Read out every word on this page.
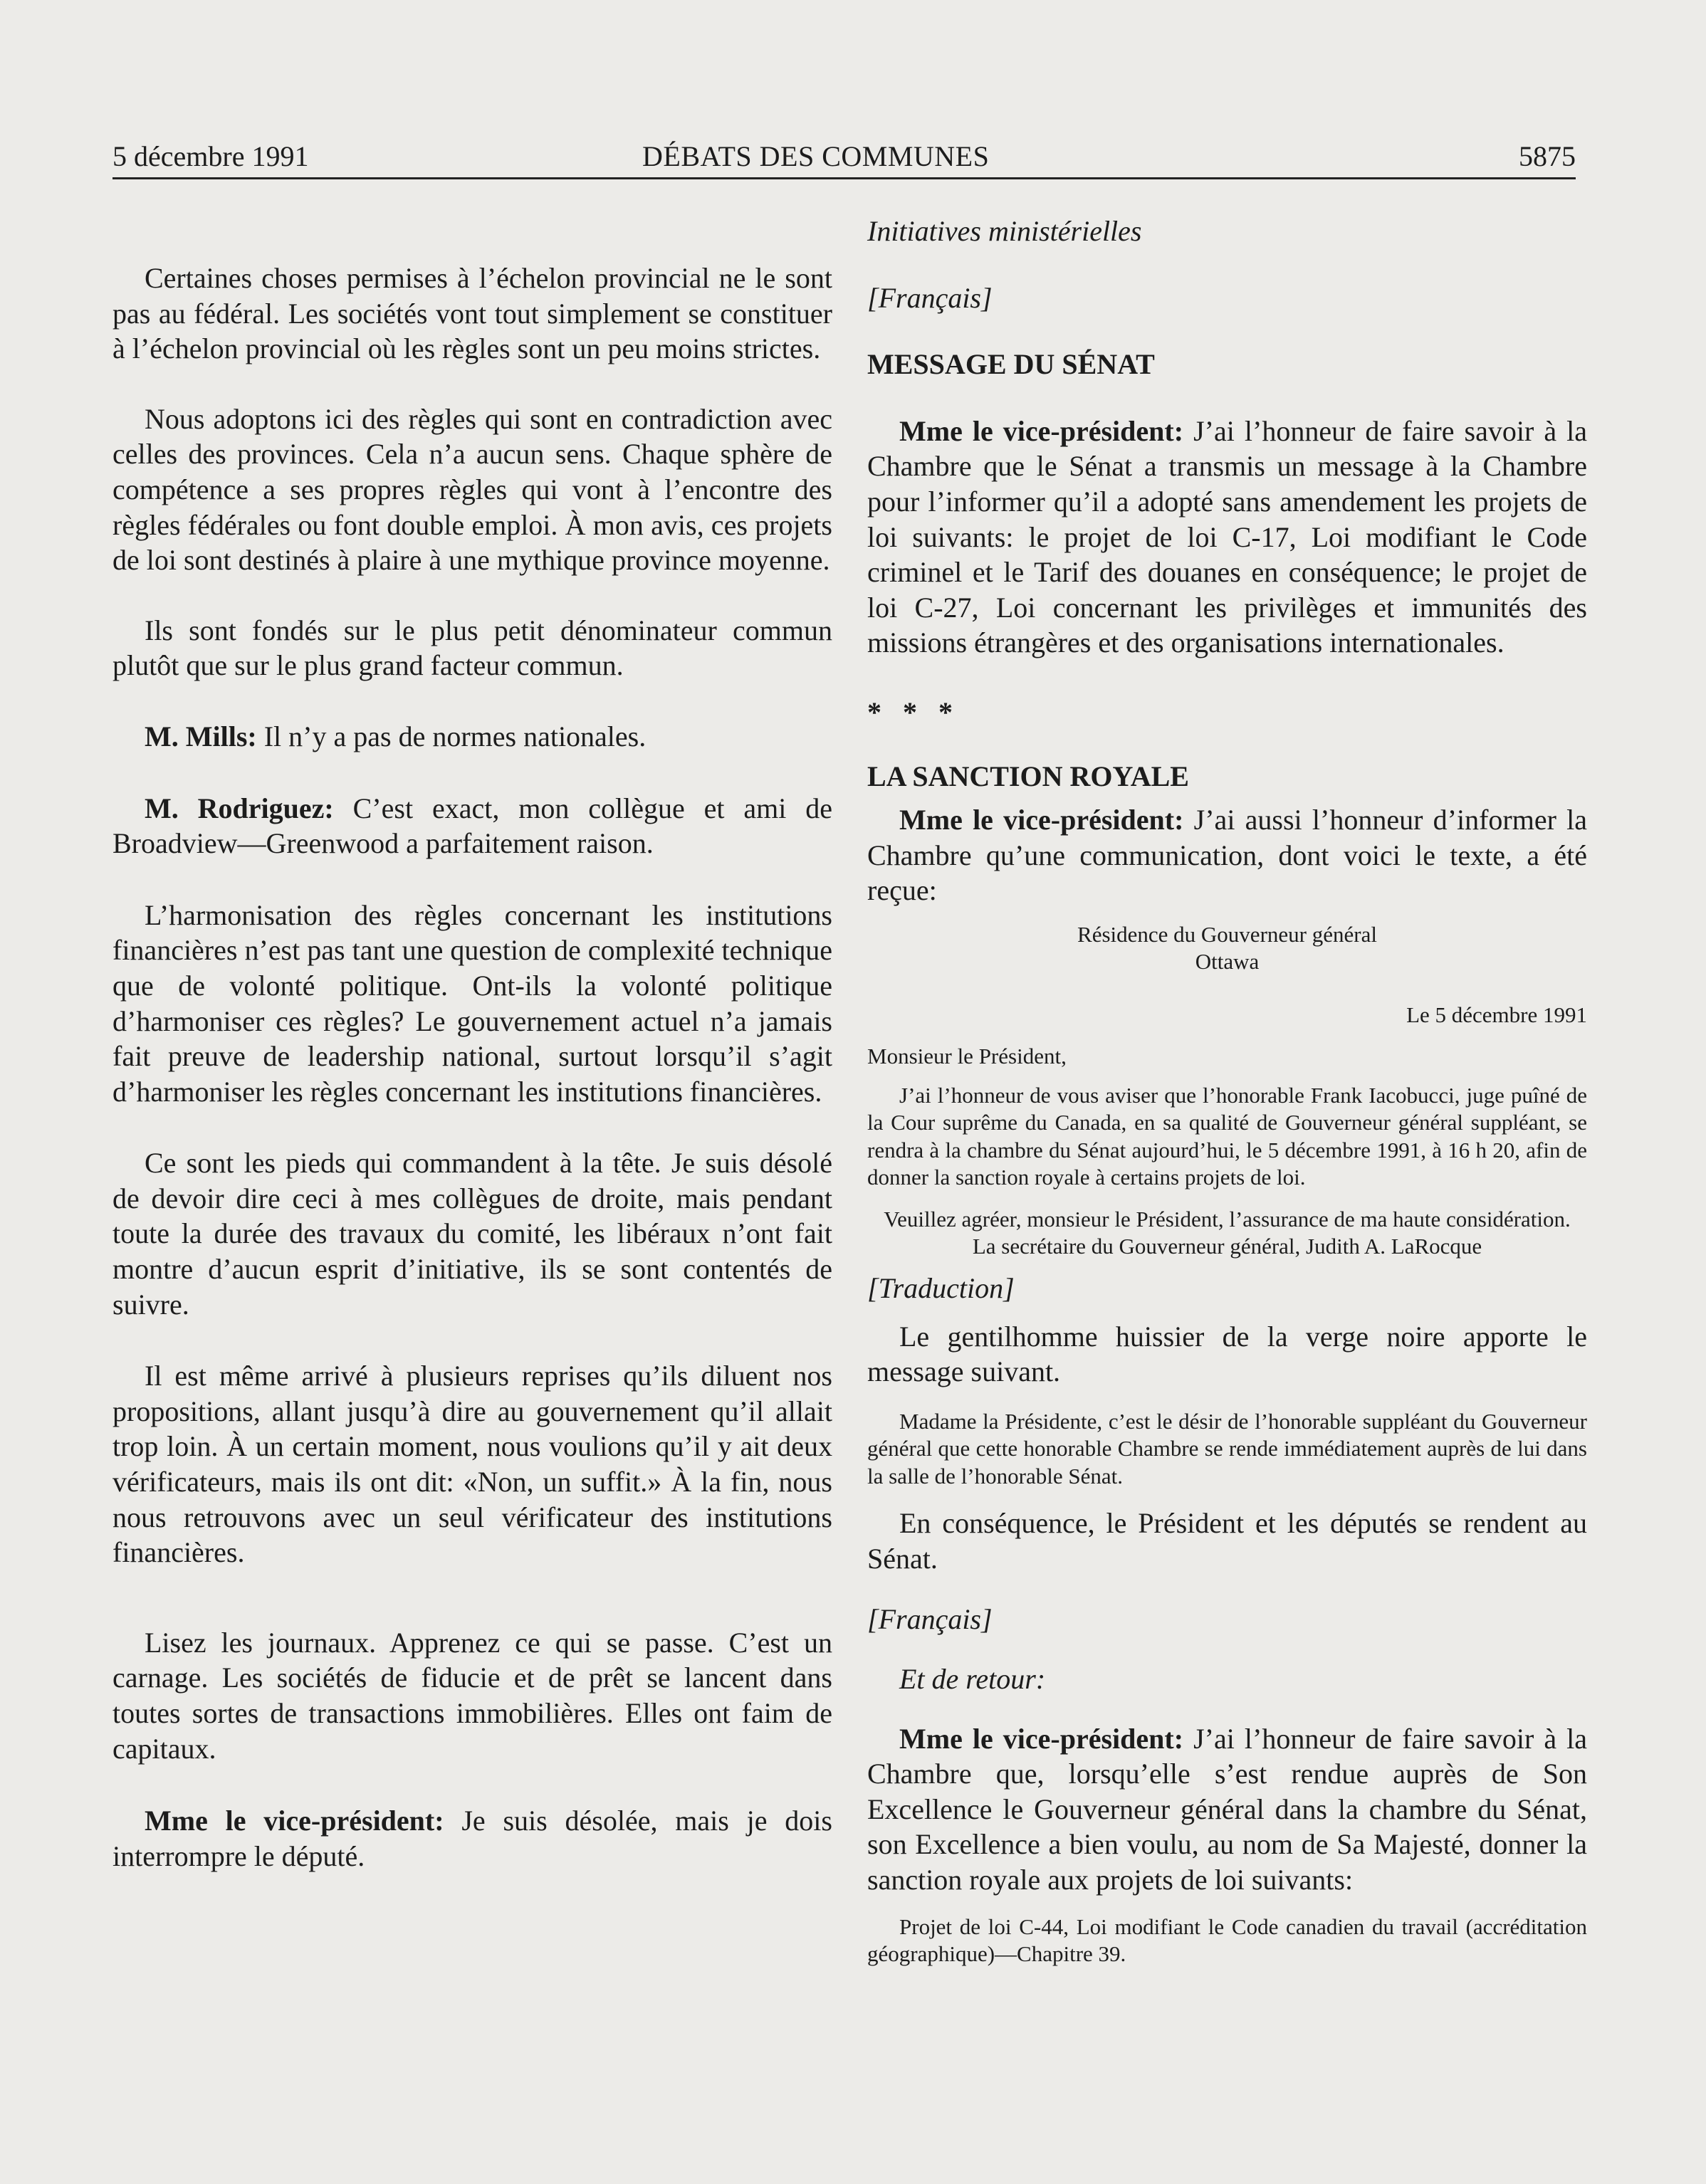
5 décembre 1991	DÉBATS DES COMMUNES	5875

Certaines choses permises à l’échelon provincial ne le sont pas au fédéral. Les sociétés vont tout simplement se constituer à l’échelon provincial où les règles sont un peu moins strictes.

Nous adoptons ici des règles qui sont en contradiction avec celles des provinces. Cela n’a aucun sens. Chaque sphère de compétence a ses propres règles qui vont à l’encontre des règles fédérales ou font double emploi. À mon avis, ces projets de loi sont destinés à plaire à une mythique province moyenne.

Ils sont fondés sur le plus petit dénominateur commun plutôt que sur le plus grand facteur commun.

M. Mills: Il n’y a pas de normes nationales.

M. Rodriguez: C’est exact, mon collègue et ami de Broadview—Greenwood a parfaitement raison.

L’harmonisation des règles concernant les institutions financières n’est pas tant une question de complexité technique que de volonté politique. Ont-ils la volonté politique d’harmoniser ces règles? Le gouvernement actuel n’a jamais fait preuve de leadership national, surtout lorsqu’il s’agit d’harmoniser les règles concernant les institutions financières.

Ce sont les pieds qui commandent à la tête. Je suis désolé de devoir dire ceci à mes collègues de droite, mais pendant toute la durée des travaux du comité, les libéraux n’ont fait montre d’aucun esprit d’initiative, ils se sont contentés de suivre.

Il est même arrivé à plusieurs reprises qu’ils diluent nos propositions, allant jusqu’à dire au gouvernement qu’il allait trop loin. À un certain moment, nous voulions qu’il y ait deux vérificateurs, mais ils ont dit: «Non, un suffit.» À la fin, nous nous retrouvons avec un seul vérificateur des institutions financières.

Lisez les journaux. Apprenez ce qui se passe. C’est un carnage. Les sociétés de fiducie et de prêt se lancent dans toutes sortes de transactions immobilières. Elles ont faim de capitaux.

Mme le vice-président: Je suis désolée, mais je dois interrompre le député.

Initiatives ministérielles

[Français]

MESSAGE DU SÉNAT

Mme le vice-président: J’ai l’honneur de faire savoir à la Chambre que le Sénat a transmis un message à la Chambre pour l’informer qu’il a adopté sans amendement les projets de loi suivants: le projet de loi C-17, Loi modifiant le Code criminel et le Tarif des douanes en conséquence; le projet de loi C-27, Loi concernant les privilèges et immunités des missions étrangères et des organisations internationales.

* * *

LA SANCTION ROYALE

Mme le vice-président: J’ai aussi l’honneur d’informer la Chambre qu’une communication, dont voici le texte, a été reçue:

Résidence du Gouverneur général

Ottawa

Le 5 décembre 1991

Monsieur le Président,

J’ai l’honneur de vous aviser que l’honorable Frank Iacobucci, juge puîné de la Cour suprême du Canada, en sa qualité de Gouverneur général suppléant, se rendra à la chambre du Sénat aujourd’hui, le 5 décembre 1991, à 16 h 20, afin de donner la sanction royale à certains projets de loi.

Veuillez agréer, monsieur le Président, l’assurance de ma haute considération.

La secrétaire du Gouverneur général, Judith A. LaRocque

[Traduction]

Le gentilhomme huissier de la verge noire apporte le message suivant.

Madame la Présidente, c’est le désir de l’honorable suppléant du Gouverneur général que cette honorable Chambre se rende immédiatement auprès de lui dans la salle de l’honorable Sénat.

En conséquence, le Président et les députés se rendent au Sénat.

[Français]

Et de retour:

Mme le vice-président: J’ai l’honneur de faire savoir à la Chambre que, lorsqu’elle s’est rendue auprès de Son Excellence le Gouverneur général dans la chambre du Sénat, son Excellence a bien voulu, au nom de Sa Majesté, donner la sanction royale aux projets de loi suivants:

Projet de loi C-44, Loi modifiant le Code canadien du travail (accréditation géographique)—Chapitre 39.
